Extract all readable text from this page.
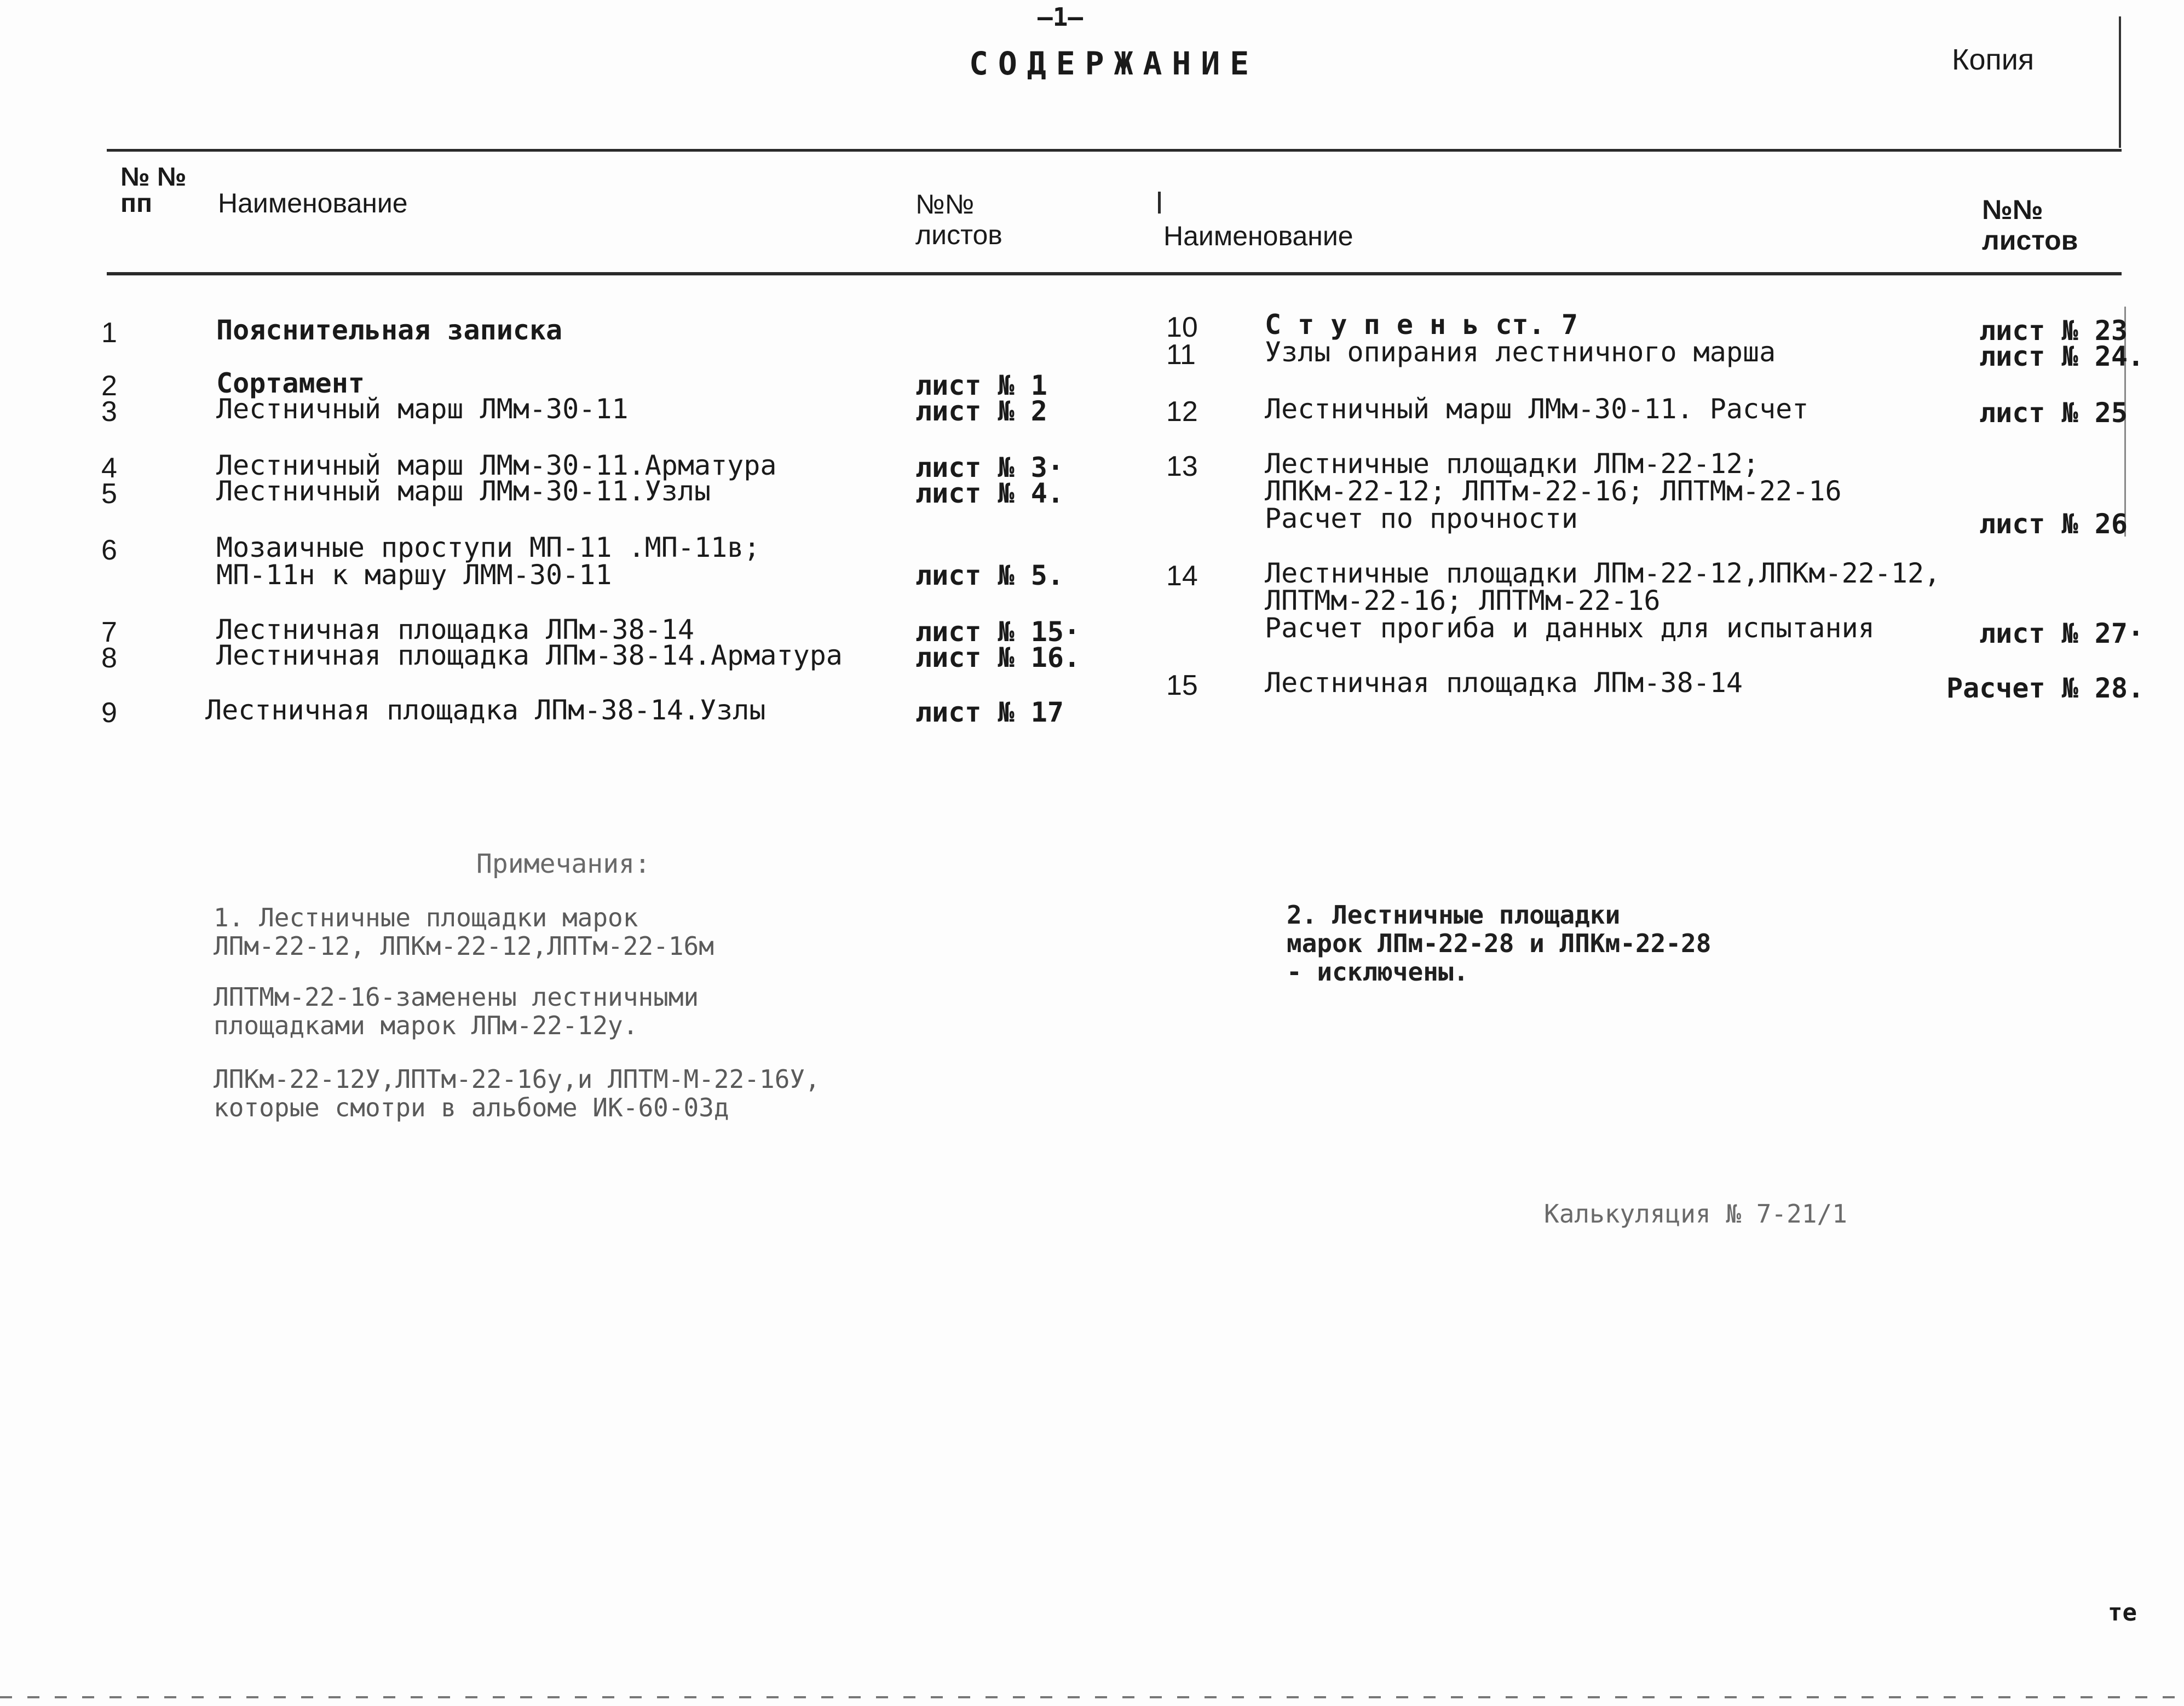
–1–
СОДЕРЖАНИЕ	Копия
№ №
пп	Наименование	№№
листов	Наименование
№№
листов
1	Пояснительная записка
2	Сортамент	лист № 1
3	Лестничный марш ЛМм-30-11	лист № 2
4	Лестничный марш ЛМм-30-11.Арматура	лист № 3·
5	Лестничный марш ЛМм-30-11.Узлы	лист № 4.
6	Мозаичные проступи МП-11 .МП-11в;
МП-11н к маршу ЛММ-30-11	лист № 5.
7	Лестничная площадка ЛПм-38-14	лист № 15·
8	Лестничная площадка ЛПм-38-14.Арматура	лист № 16.
9	Лестничная площадка ЛПм-38-14.Узлы	лист № 17
10 С т у п е н ь ст. 7	лист № 23
11	Узлы опирания лестничного марша	лист № 24.
12 Лестничный марш ЛМм-30-11. Расчет	лист № 25
13 Лестничные площадки ЛПм-22-12;
ЛПКм-22-12; ЛПТм-22-16; ЛПТМм-22-16
Расчет по прочности	лист № 26
14 Лестничные площадки ЛПм-22-12,ЛПКм-22-12,
ЛПТМм-22-16; ЛПТМм-22-16
Расчет прогиба и данных для испытания	лист № 27·
15 Лестничная площадка ЛПм-38-14	Расчет № 28.
Примечания:
1. Лестничные площадки марок
ЛПм-22-12, ЛПКм-22-12,ЛПТм-22-16м
ЛПТМм-22-16-заменены лестничными
площадками марок ЛПм-22-12у.
ЛПКм-22-12У,ЛПТм-22-16у,и ЛПТМ-М-22-16У,
которые смотри в альбоме ИК-60-03д
2. Лестничные площадки
марок ЛПм-22-28 и ЛПКм-22-28
- исключены.
Калькуляция № 7-21/1
те
